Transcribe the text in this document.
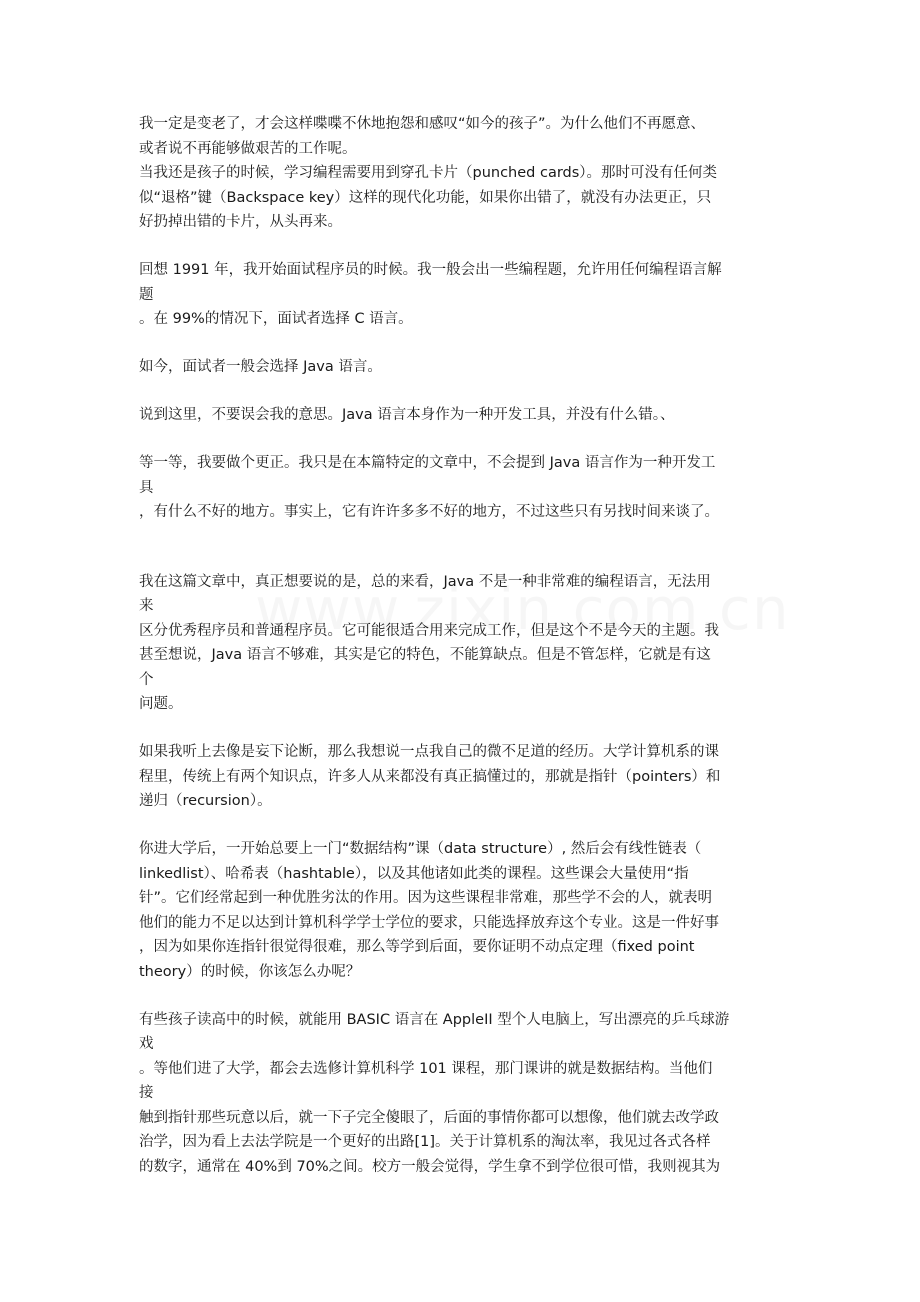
我一定是变老了，才会这样喋喋不休地抱怨和感叹“如今的孩子”。为什么他们不再愿意、
或者说不再能够做艰苦的工作呢。
当我还是孩子的时候，学习编程需要用到穿孔卡片（punched cards）。那时可没有任何类
似“退格”键（Backspace key）这样的现代化功能，如果你出错了，就没有办法更正，只
好扔掉出错的卡片，从头再来。
回想 1991 年，我开始面试程序员的时候。我一般会出一些编程题，允许用任何编程语言解
题
。在 99%的情况下，面试者选择 C 语言。
如今，面试者一般会选择 Java 语言。
说到这里，不要误会我的意思。Java 语言本身作为一种开发工具，并没有什么错。、
等一等，我要做个更正。我只是在本篇特定的文章中，不会提到 Java 语言作为一种开发工
具
，有什么不好的地方。事实上，它有许许多多不好的地方，不过这些只有另找时间来谈了。
我在这篇文章中，真正想要说的是，总的来看，Java 不是一种非常难的编程语言，无法用
来
区分优秀程序员和普通程序员。它可能很适合用来完成工作，但是这个不是今天的主题。我
甚至想说，Java 语言不够难，其实是它的特色，不能算缺点。但是不管怎样，它就是有这
个
问题。
如果我听上去像是妄下论断，那么我想说一点我自己的微不足道的经历。大学计算机系的课
程里，传统上有两个知识点，许多人从来都没有真正搞懂过的，那就是指针（pointers）和
递归（recursion）。
你进大学后，一开始总要上一门“数据结构”课（data structure）, 然后会有线性链表（
linkedlist）、哈希表（hashtable），以及其他诸如此类的课程。这些课会大量使用“指
针”。它们经常起到一种优胜劣汰的作用。因为这些课程非常难，那些学不会的人，就表明
他们的能力不足以达到计算机科学学士学位的要求，只能选择放弃这个专业。这是一件好事
，因为如果你连指针很觉得很难，那么等学到后面，要你证明不动点定理（fixed point
theory）的时候，你该怎么办呢？
有些孩子读高中的时候，就能用 BASIC 语言在 AppleII 型个人电脑上，写出漂亮的乒乓球游
戏
。等他们进了大学，都会去选修计算机科学 101 课程，那门课讲的就是数据结构。当他们
接
触到指针那些玩意以后，就一下子完全傻眼了，后面的事情你都可以想像，他们就去改学政
治学，因为看上去法学院是一个更好的出路[1]。关于计算机系的淘汰率，我见过各式各样
的数字，通常在 40%到 70%之间。校方一般会觉得，学生拿不到学位很可惜，我则视其为
